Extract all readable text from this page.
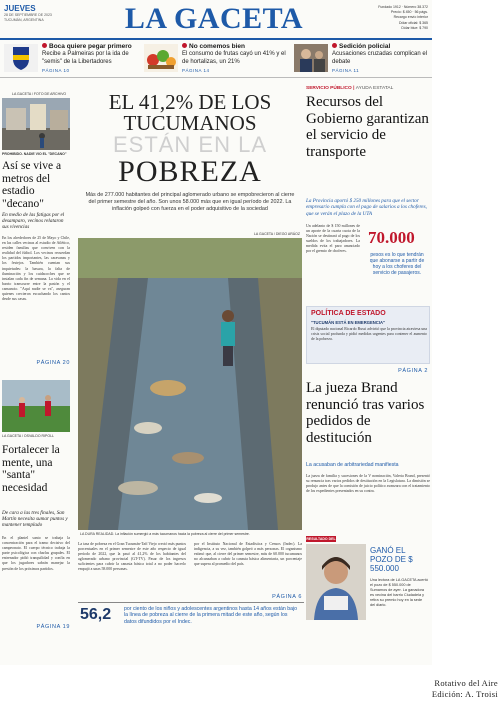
JUEVES
28 DE SEPTIEMBRE DE 2023
TUCUMÁN, ARGENTINA	LA GACETA	Fundado 1912 · Número 38.372
Precio: $ 450 · 56 págs.
Recargo envío interior
Dólar oficial: $ 365
Dólar blue: $ 790
Boca quiere pegar primero
Recibe a Palmeiras por la ida de "semis" de la Libertadores
PÁGINA 10
No comemos bien
El consumo de frutas cayó un 41% y el de hortalizas, un 21%
PÁGINA 14
Sedición policial
Acusaciones cruzadas complican el debate
PÁGINA 11
LA GACETA / FOTO DE ARCHIVO
PROHIBIDO. NADIE VIO EL "DECANO"
Así se vive a metros del estadio "decano"
En medio de las fatigas por el desamparo, vecinos relataron sus vivencias
En los alrededores de 25 de Mayo y Chile, en las calles vecinas al estadio de Atlético, residen familias que conviven con la realidad del fútbol. Los vecinos recuerdan los partidos importantes, las caravanas y los festejos. También cuentan sus inquietudes: la basura, la falta de iluminación y los cuidacoches que se instalan cada fin de semana. La vida en el barrio transcurre entre la pasión y el cansancio. "Aquí nadie se va", aseguran quienes crecieron escuchando los cantos desde sus casas.
PÁGINA 20
LA GACETA / OSVALDO RIPOLL
Fortalecer la mente, una "santa" necesidad
De cara a las tres finales, San Martín necesita sumar puntos y mantener templado
En el plantel santo se trabaja la concentración para el tramo decisivo del campeonato. El cuerpo técnico trabaja la parte psicológica con charlas grupales. El entrenador pidió tranquilidad y confía en que los jugadores sabrán manejar la presión de los próximos partidos.
PÁGINA 19
EL 41,2% DE LOS
TUCUMANOS
ESTÁN EN LA
POBREZA
Más de 277.000 habitantes del principal aglomerado urbano se empobrecieron al cierre del primer semestre del año. Son unos 58.000 más que en igual período de 2022. La inflación golpeó con fuerza en el poder adquisitivo de la sociedad
LA GACETA / DIEGO ARÁOZ
LA DURA REALIDAD. La inflación sumergió a más tucumanos hacia la pobreza al cierre del primer semestre.
La tasa de pobreza en el Gran Tucumán-Tafí Viejo creció más puntos porcentuales en el primer semestre de este año respecto de igual período de 2022, que la pasó al 41,2% de los habitantes del aglomerado urbano provincial (GT-TV). Pasar de los ingresos suficientes para cubrir la canasta básica total a no poder hacerlo empujó a unas 58.000 personas.
por el Instituto Nacional de Estadística y Censos (Indec). La indigencia, a su vez, también golpeó a más personas. El organismo estimó que, al cierre del primer semestre, más de 60.000 tucumanos no alcanzaban a cubrir la canasta básica alimentaria, un porcentaje que supera al promedio del país.
PÁGINA 6
56,2 por ciento de los niños y adolescentes argentinos hasta 14 años están bajo la línea de pobreza al cierre de la primera mitad de este año, según los datos difundidos por el Indec.
SERVICIO PÚBLICO | AYUDA ESTATAL
Recursos del Gobierno garantizan el servicio de transporte
La Provincia aportó $ 250 millones para que el sector empresario cumpla con el pago de salarios a los choferes, que se verán el plazo de la UTA
Un adelanto de $ 150 millones de un aporte de la cuarta cuota de la Nación se destinará al pago de los sueldos de los trabajadores. La medida evita el paro anunciado por el gremio de choferes.
70.000
pesos es lo que tendrán que abonarse a partir de hoy a los choferes del servicio de pasajeros.
POLÍTICA DE ESTADO
"TUCUMÁN ESTÁ EN EMERGENCIA"
El diputado nacional Ricardo Bussi advirtió que la provincia atraviesa una crisis social profunda y pidió medidas urgentes para contener el aumento de la pobreza.
PÁGINA 2
La jueza Brand renunció tras varios pedidos de destitución
La acusaban de arbitrariedad manifiesta
La jueza de familia y sucesiones de la V nominación, Valeria Brand, presentó su renuncia tras varios pedidos de destitución en la Legislatura. La dimisión se produjo antes de que la comisión de juicio político avanzara con el tratamiento de los expedientes presentados en su contra.
RESULTADO DEL
GANÓ EL POZO DE $ 550.000
Una lectora de LA GACETA acertó el pozo de $ 550.000 de Sumamos de ayer. La ganadora es vecina del barrio Ciudadela y retira su premio hoy en la sede del diario.
Rotativo del Aire
Edición: A. Troisi
